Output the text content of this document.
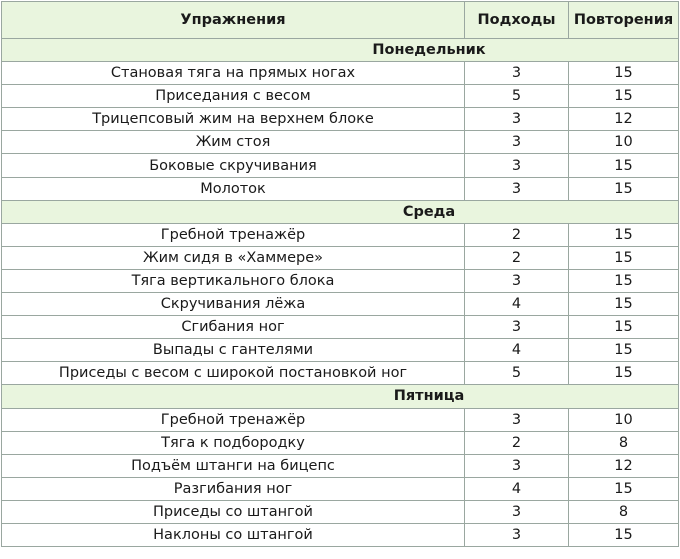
Упражнения	Подходы	Повторения
Понедельник		
Становая тяга на прямых ногах	3	15
Приседания с весом	5	15
Трицепсовый жим на верхнем блоке	3	12
Жим стоя	3	10
Боковые скручивания	3	15
Молоток	3	15
Среда		
Гребной тренажёр	2	15
Жим сидя в «Хаммере»	2	15
Тяга вертикального блока	3	15
Скручивания лёжа	4	15
Сгибания ног	3	15
Выпады с гантелями	4	15
Приседы с весом с широкой постановкой ног	5	15
Пятница		
Гребной тренажёр	3	10
Тяга к подбородку	2	8
Подъём штанги на бицепс	3	12
Разгибания ног	4	15
Приседы со штангой	3	8
Наклоны со штангой	3	15
